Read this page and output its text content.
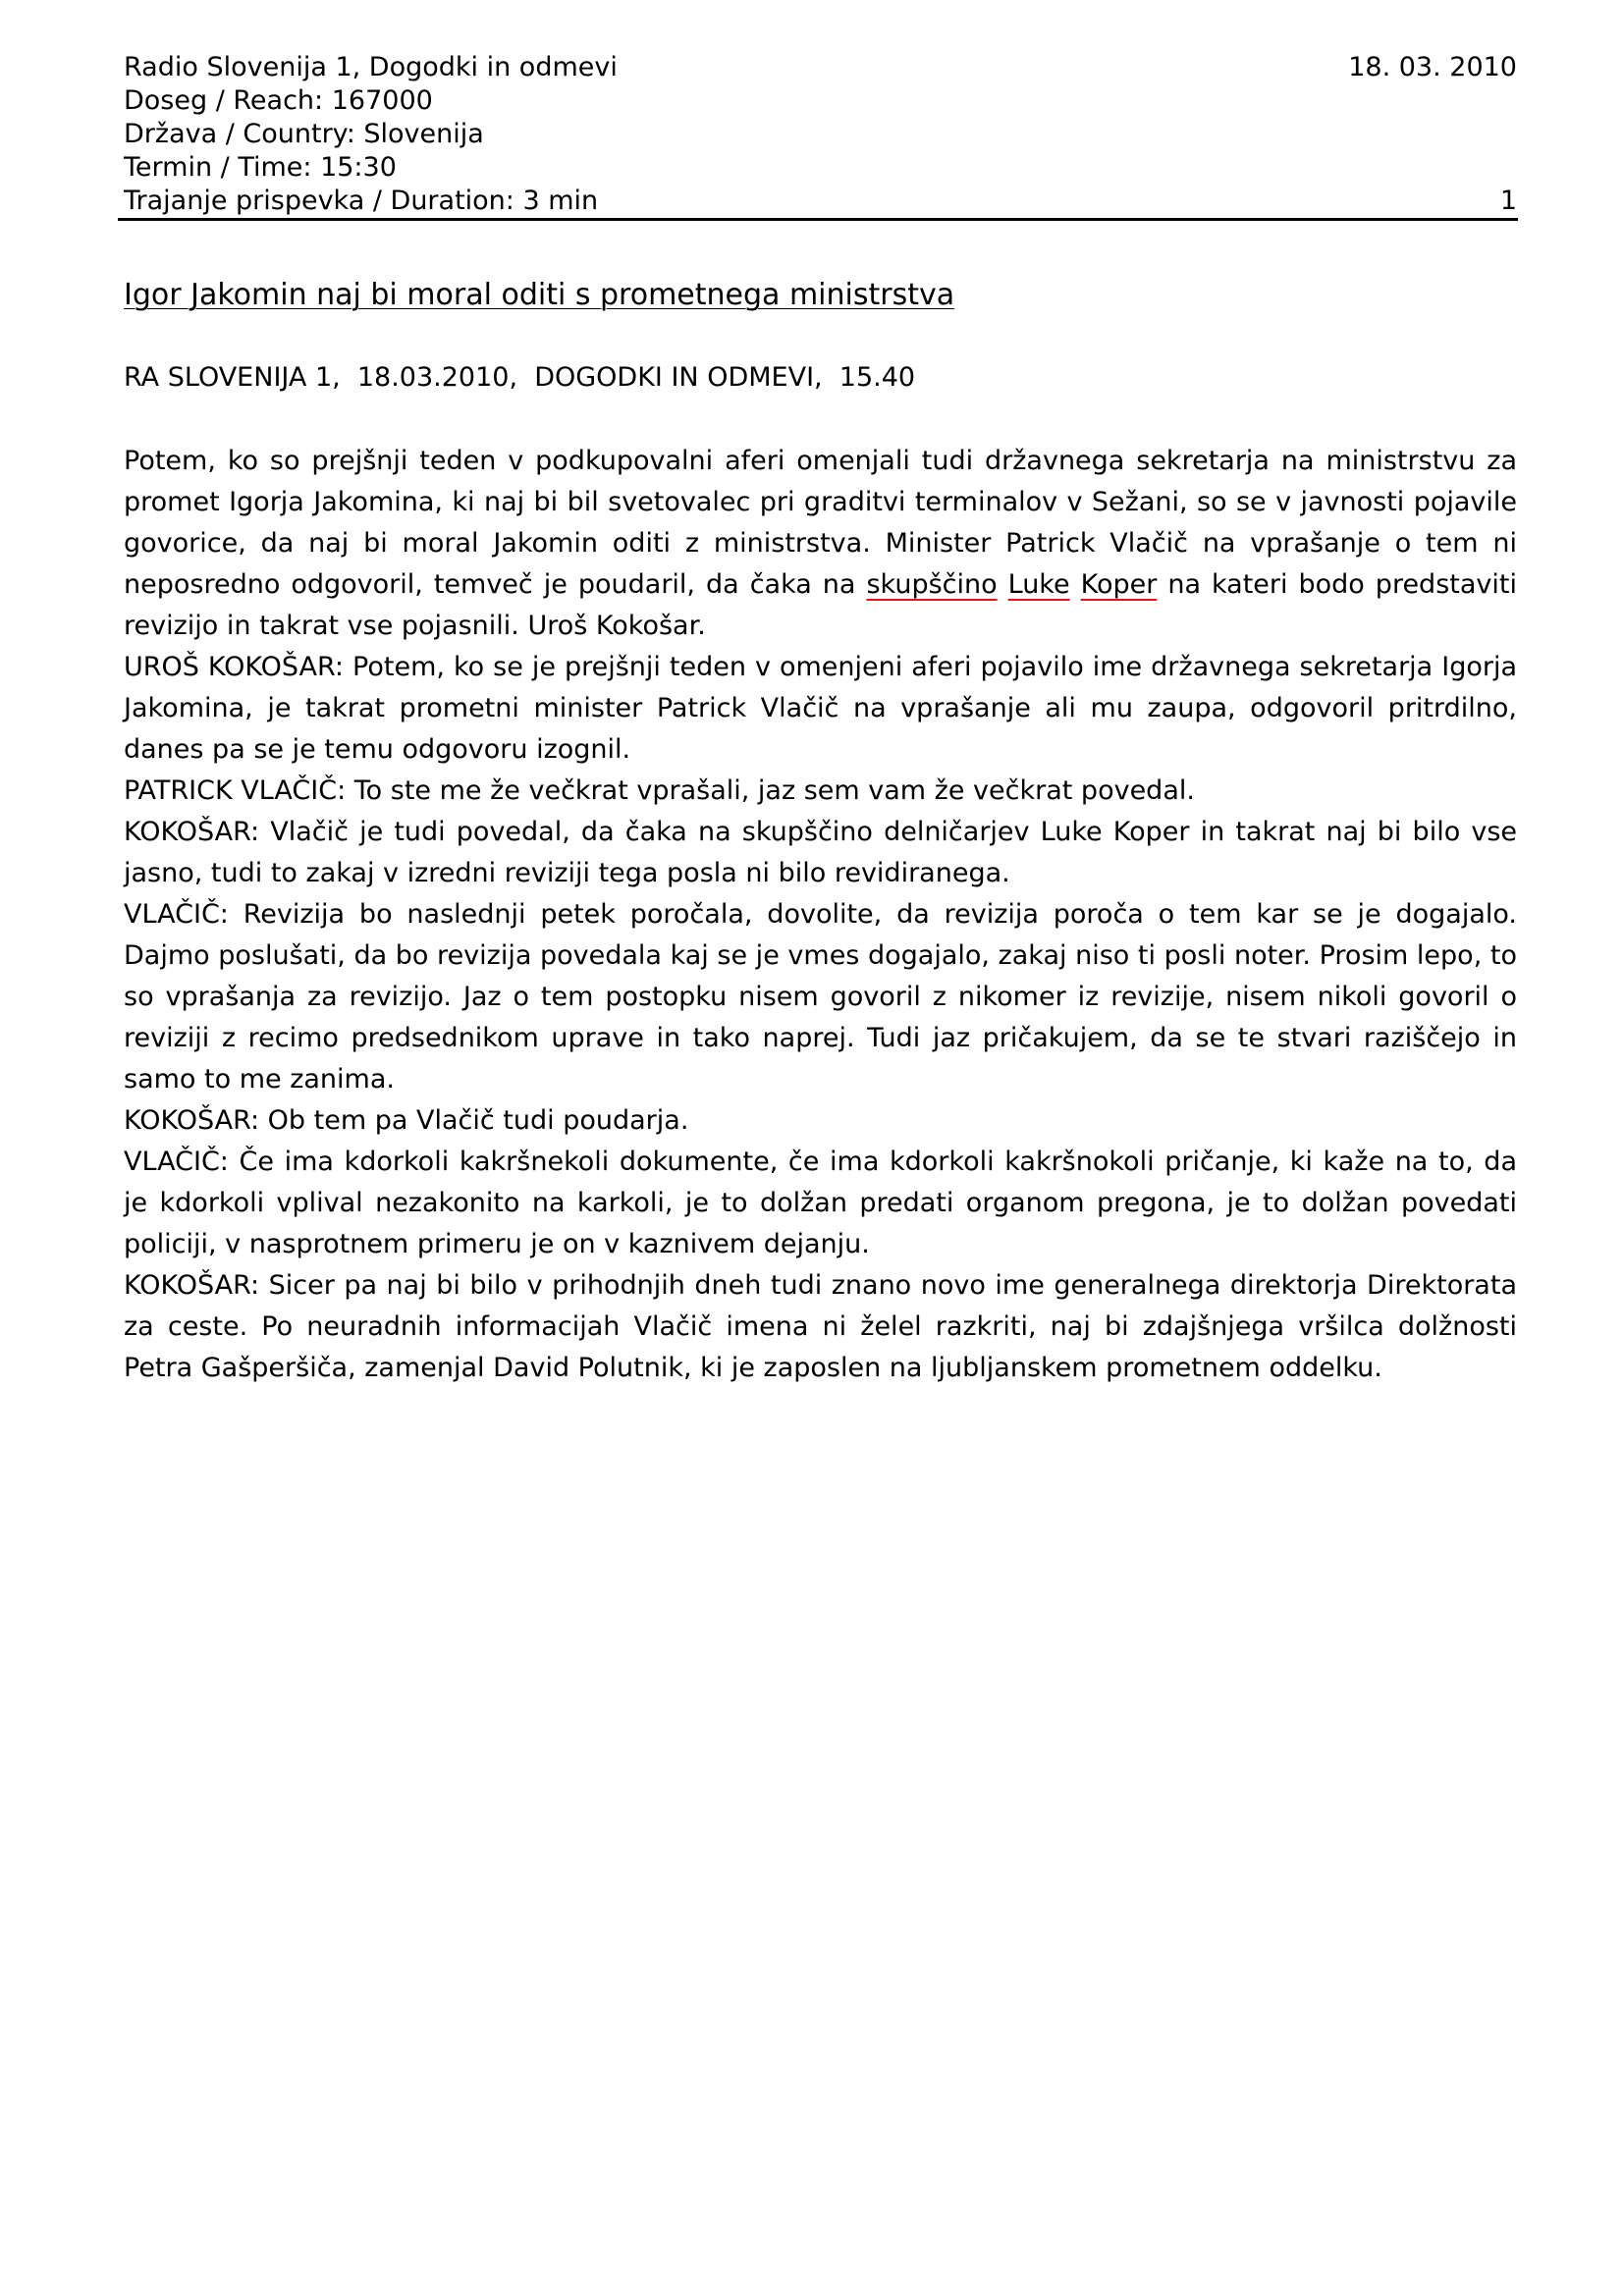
Radio Slovenija 1, Dogodki in odmevi	18. 03. 2010
Doseg / Reach: 167000
Država / Country: Slovenija
Termin / Time: 15:30
Trajanje prispevka / Duration: 3 min	1
Igor Jakomin naj bi moral oditi s prometnega ministrstva
RA SLOVENIJA 1,  18.03.2010,  DOGODKI IN ODMEVI,  15.40

Potem, ko so prejšnji teden v podkupovalni aferi omenjali tudi državnega sekretarja na ministrstvu za promet Igorja Jakomina, ki naj bi bil svetovalec pri graditvi terminalov v Sežani, so se v javnosti pojavile govorice, da naj bi moral Jakomin oditi z ministrstva. Minister Patrick Vlačič na vprašanje o tem ni neposredno odgovoril, temveč je poudaril, da čaka na skupščino Luke Koper na kateri bodo predstaviti revizijo in takrat vse pojasnili. Uroš Kokošar.

UROŠ KOKOŠAR: Potem, ko se je prejšnji teden v omenjeni aferi pojavilo ime državnega sekretarja Igorja Jakomina, je takrat prometni minister Patrick Vlačič na vprašanje ali mu zaupa, odgovoril pritrdilno, danes pa se je temu odgovoru izognil.

PATRICK VLAČIČ: To ste me že večkrat vprašali, jaz sem vam že večkrat povedal.

KOKOŠAR: Vlačič je tudi povedal, da čaka na skupščino delničarjev Luke Koper in takrat naj bi bilo vse jasno, tudi to zakaj v izredni reviziji tega posla ni bilo revidiranega.

VLAČIČ: Revizija bo naslednji petek poročala, dovolite, da revizija poroča o tem kar se je dogajalo. Dajmo poslušati, da bo revizija povedala kaj se je vmes dogajalo, zakaj niso ti posli noter. Prosim lepo, to so vprašanja za revizijo. Jaz o tem postopku nisem govoril z nikomer iz revizije, nisem nikoli govoril o reviziji z recimo predsednikom uprave in tako naprej. Tudi jaz pričakujem, da se te stvari raziščejo in samo to me zanima.

KOKOŠAR: Ob tem pa Vlačič tudi poudarja.

VLAČIČ: Če ima kdorkoli kakršnekoli dokumente, če ima kdorkoli kakršnokoli pričanje, ki kaže na to, da je kdorkoli vplival nezakonito na karkoli, je to dolžan predati organom pregona, je to dolžan povedati policiji, v nasprotnem primeru je on v kaznivem dejanju.

KOKOŠAR: Sicer pa naj bi bilo v prihodnjih dneh tudi znano novo ime generalnega direktorja Direktorata za ceste. Po neuradnih informacijah Vlačič imena ni želel razkriti, naj bi zdajšnjega vršilca dolžnosti Petra Gašperšiča, zamenjal David Polutnik, ki je zaposlen na ljubljanskem prometnem oddelku.
